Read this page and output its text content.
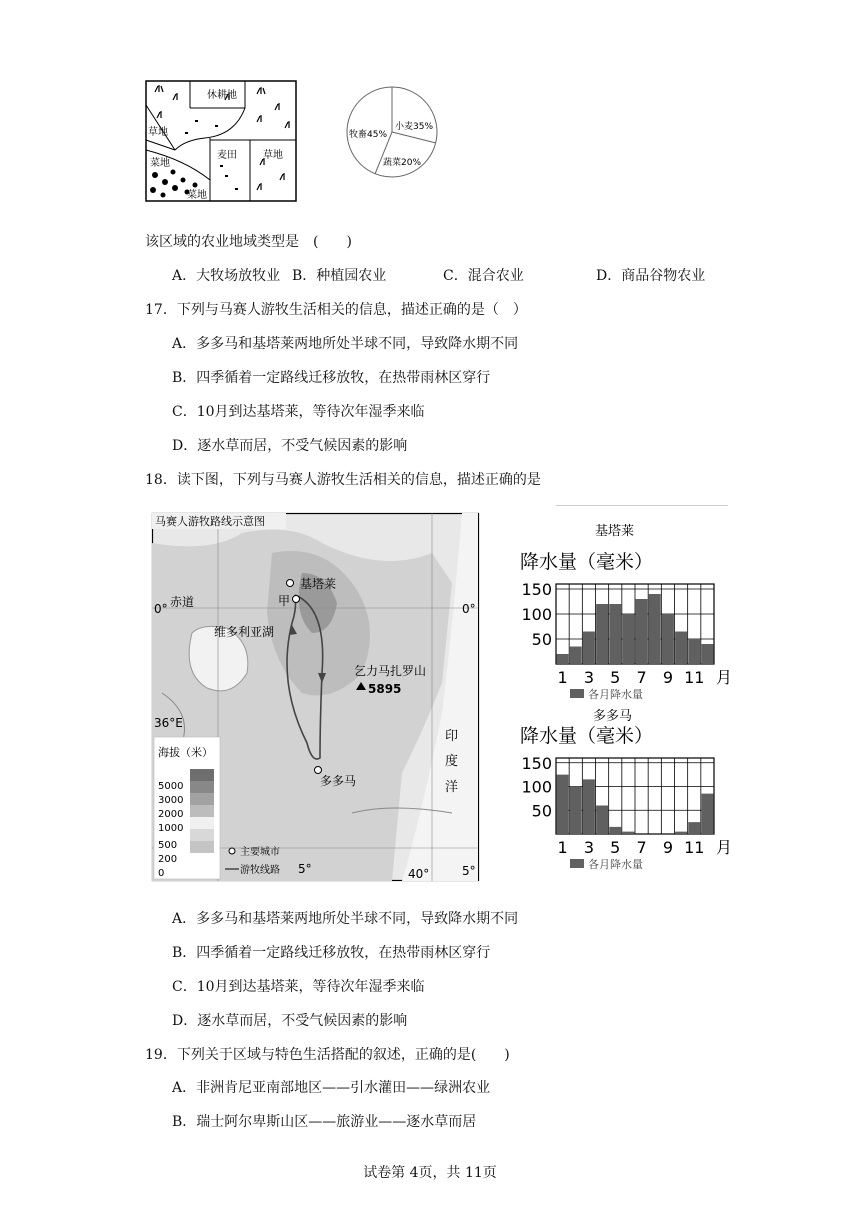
休耕地
草地
菜地
麦田	草地
菜地
牧畜45%
小麦35%
蔬菜20%
该区域的农业地域类型是　(　　)
A．大牧场放牧业 B．种植园农业	C．混合农业	D．商品谷物农业
17．下列与马赛人游牧生活相关的信息，描述正确的是（　）
A．多多马和基塔莱两地所处半球不同，导致降水期不同
B．四季循着一定路线迁移放牧，在热带雨林区穿行
C．10月到达基塔莱，等待次年湿季来临
D．逐水草而居，不受气候因素的影响
18．读下图，下列与马赛人游牧生活相关的信息，描述正确的是
马赛人游牧路线示意图
基塔莱
甲
赤道
0°	0°
维多利亚湖
乞力马扎罗山
5895
36°E
多多马
印
度
洋
海拔（米）
5000
3000
2000
1000
500
200
0
主要城市
游牧线路 5°	40°	5°
基塔莱
降水量（毫米）
150
100
50
1 3 5 7 9 11 月
各月降水量
多多马
降水量（毫米）
150
100
50
1 3 5 7 9 11 月
各月降水量
A．多多马和基塔莱两地所处半球不同，导致降水期不同
B．四季循着一定路线迁移放牧，在热带雨林区穿行
C．10月到达基塔莱，等待次年湿季来临
D．逐水草而居，不受气候因素的影响
19．下列关于区域与特色生活搭配的叙述，正确的是(　　)
A．非洲肯尼亚南部地区——引水灌田——绿洲农业
B．瑞士阿尔卑斯山区——旅游业——逐水草而居
试卷第 4页，共 11页
